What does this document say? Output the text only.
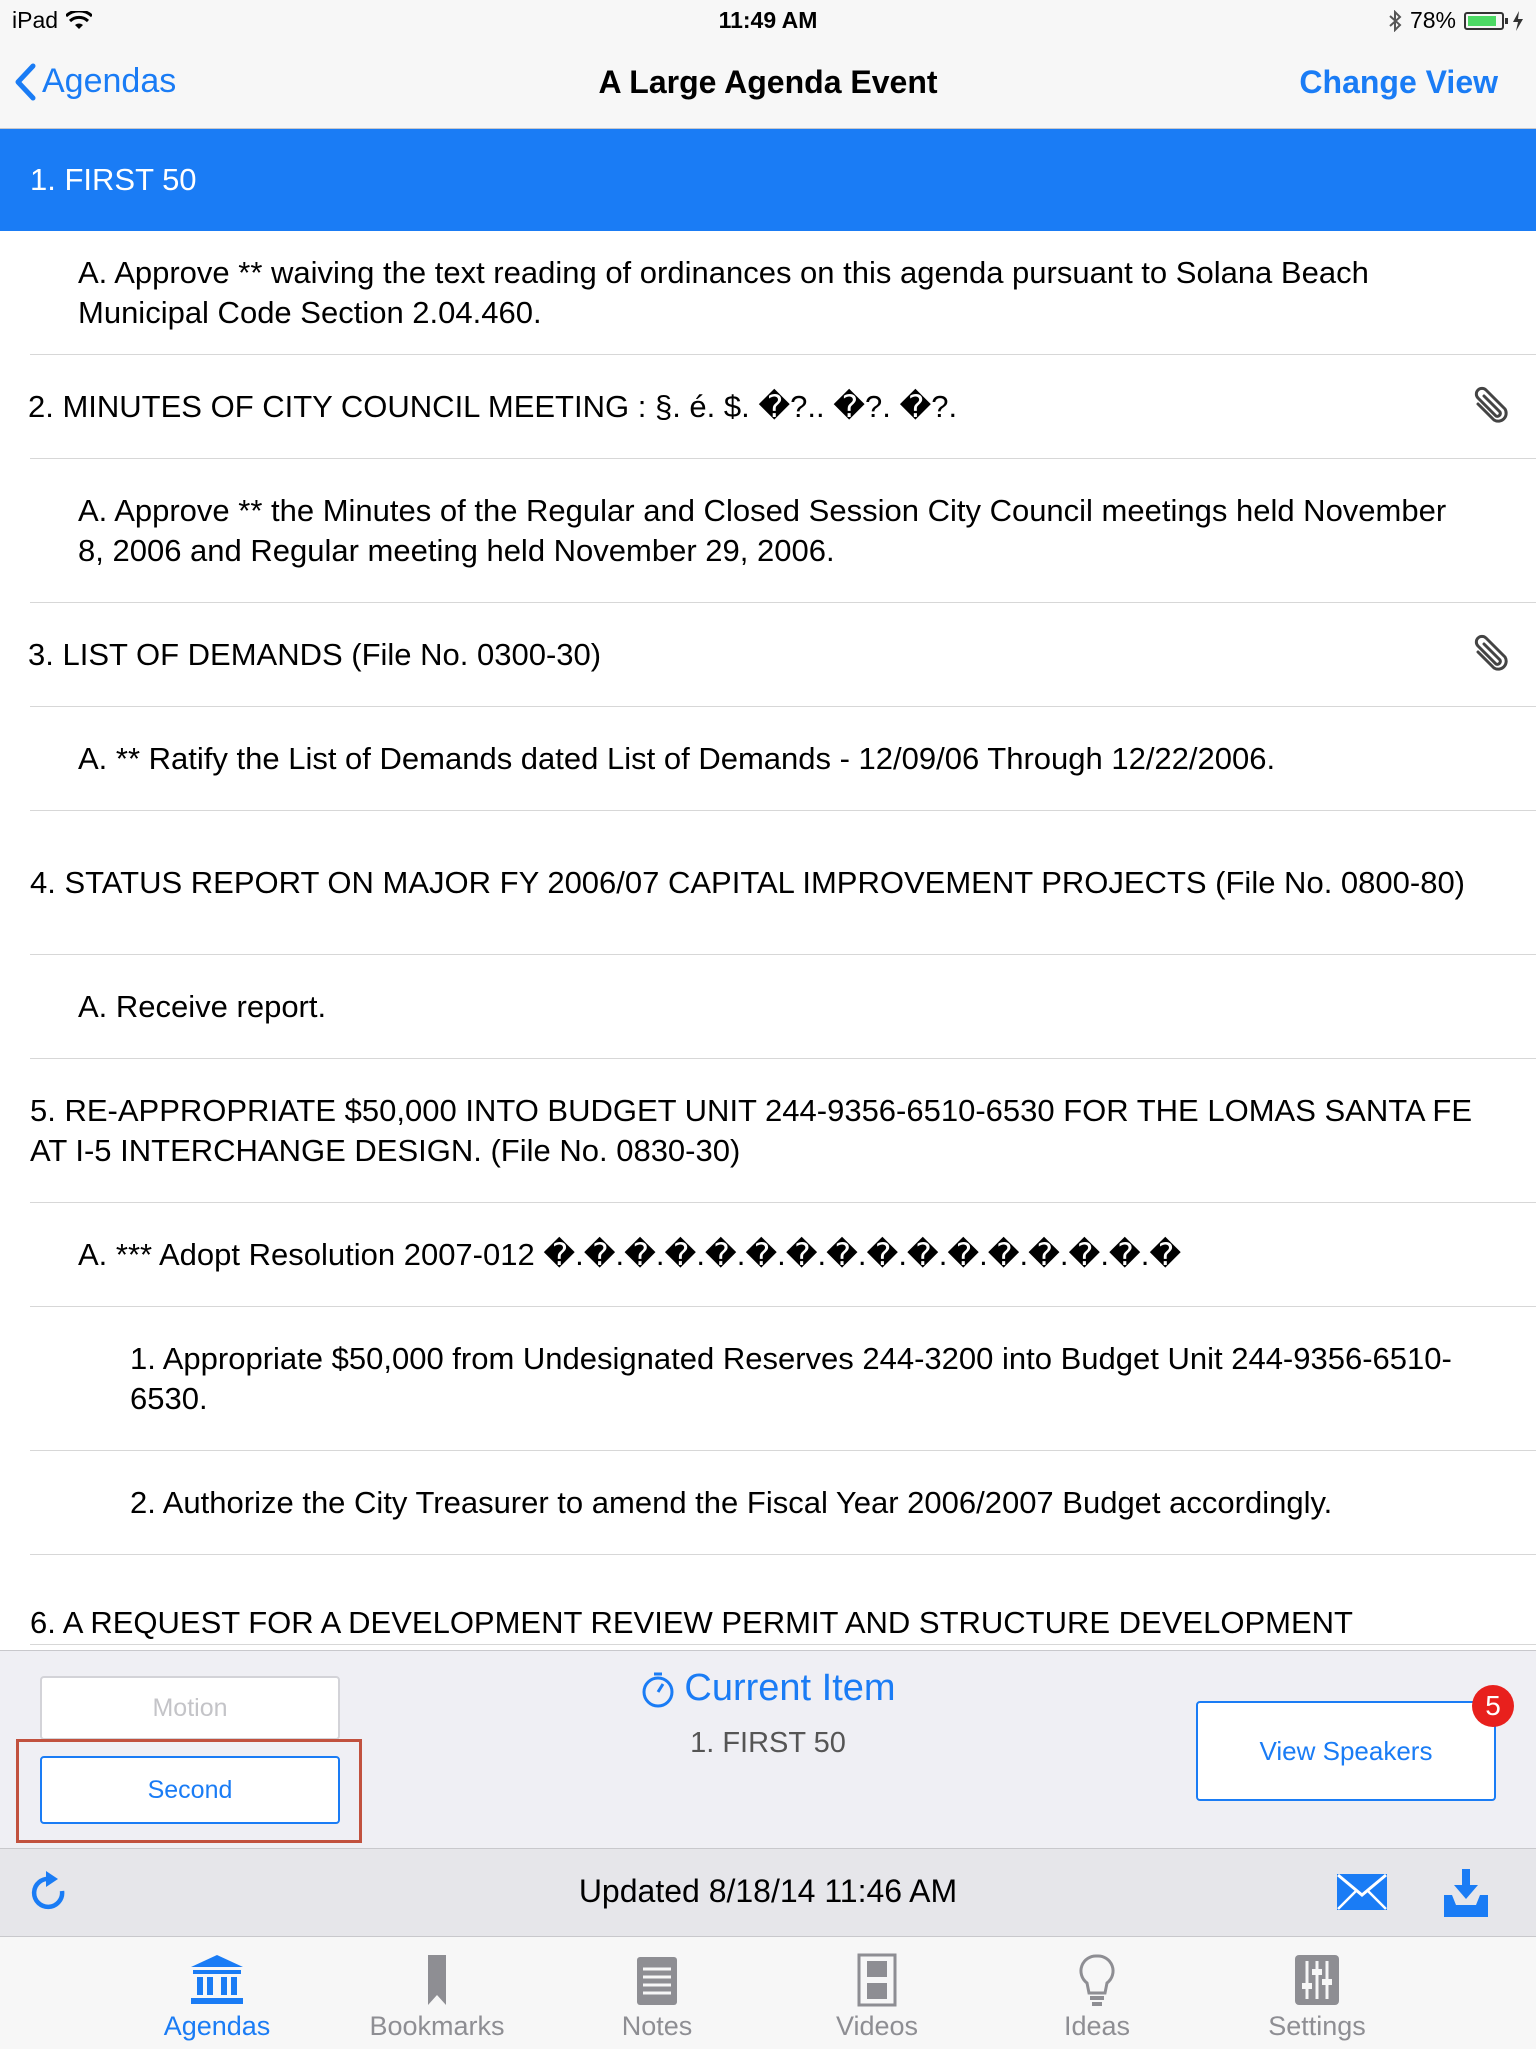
iPad	11:49 AM	78%
Agendas	A Large Agenda Event	Change View
1. FIRST 50
A. Approve ** waiving the text reading of ordinances on this agenda pursuant to Solana Beach Municipal Code Section 2.04.460.
2. MINUTES OF CITY COUNCIL MEETING : §. é. $. �?.. �?. �?.
A. Approve ** the Minutes of the Regular and Closed Session City Council meetings held November 8, 2006 and Regular meeting held November 29, 2006.
3. LIST OF DEMANDS (File No. 0300-30)
A. ** Ratify the List of Demands dated List of Demands - 12/09/06 Through 12/22/2006.
4. STATUS REPORT ON MAJOR FY 2006/07 CAPITAL IMPROVEMENT PROJECTS (File No. 0800-80)
A. Receive report.
5. RE-APPROPRIATE $50,000 INTO BUDGET UNIT 244-9356-6510-6530 FOR THE LOMAS SANTA FE AT I-5 INTERCHANGE DESIGN. (File No. 0830-30)
A. *** Adopt Resolution 2007-012 �.�.�.�.�.�.�.�.�.�.�.�.�.�.�.�
1. Appropriate $50,000 from Undesignated Reserves 244-3200 into Budget Unit 244-9356-6510-6530.
2. Authorize the City Treasurer to amend the Fiscal Year 2006/2007 Budget accordingly.
6. A REQUEST FOR A DEVELOPMENT REVIEW PERMIT AND STRUCTURE DEVELOPMENT
Motion
Second
Current Item
1. FIRST 50	View Speakers
5
Updated 8/18/14 11:46 AM
Agendas	Bookmarks	Notes	Videos	Ideas	Settings
